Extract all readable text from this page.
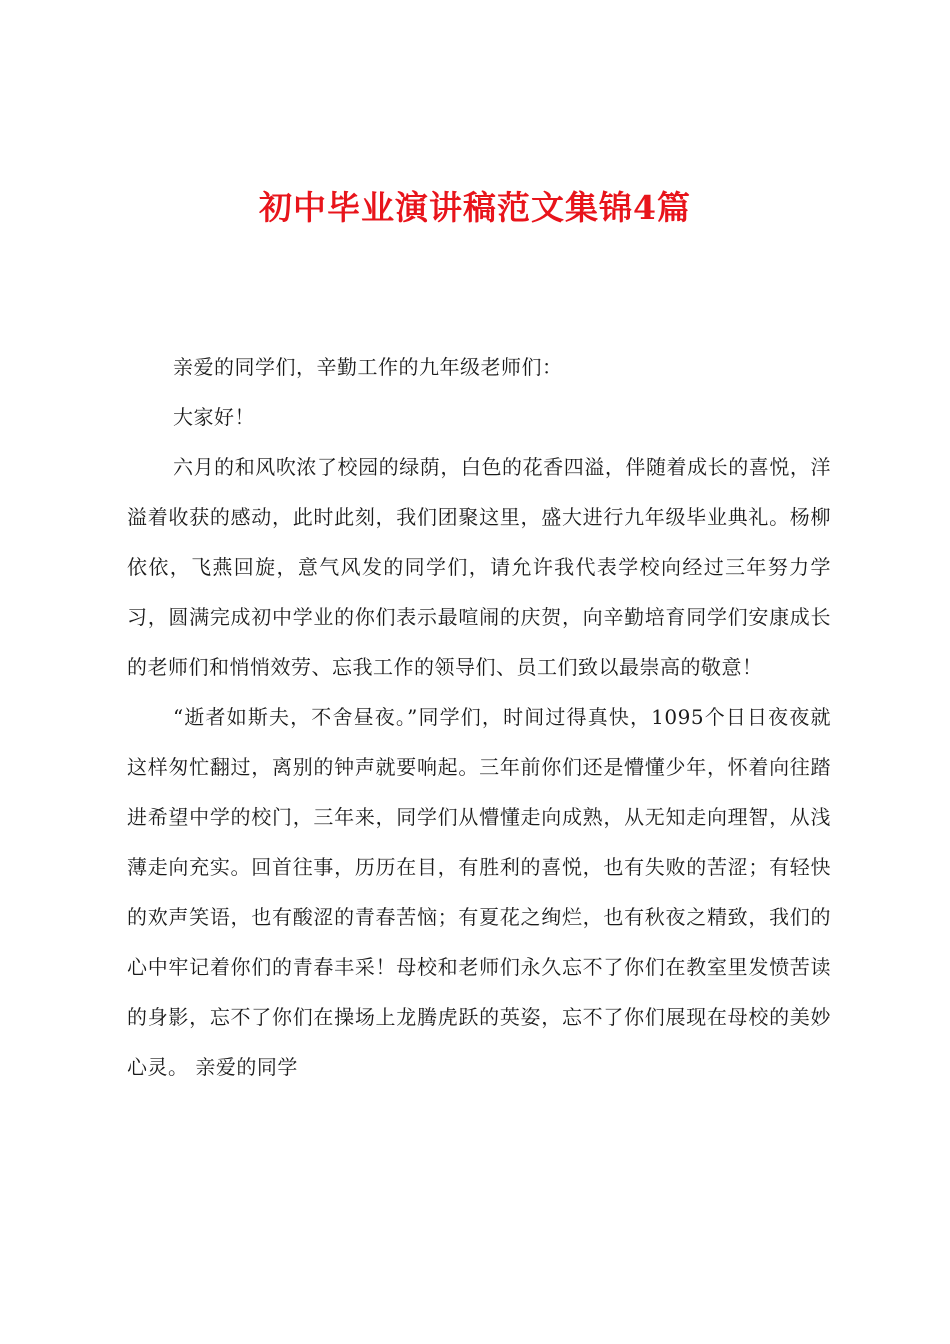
初中毕业演讲稿范文集锦4篇

亲爱的同学们，辛勤工作的九年级老师们：

大家好！

六月的和风吹浓了校园的绿荫，白色的花香四溢，伴随着成长的喜悦，洋溢着收获的感动，此时此刻，我们团聚这里，盛大进行九年级毕业典礼。杨柳依依，飞燕回旋，意气风发的同学们，请允许我代表学校向经过三年努力学习，圆满完成初中学业的你们表示最喧闹的庆贺，向辛勤培育同学们安康成长的老师们和悄悄效劳、忘我工作的领导们、员工们致以最崇高的敬意！

“逝者如斯夫，不舍昼夜。”同学们，时间过得真快，1095个日日夜夜就这样匆忙翻过，离别的钟声就要响起。三年前你们还是懵懂少年，怀着向往踏进希望中学的校门，三年来，同学们从懵懂走向成熟，从无知走向理智，从浅薄走向充实。回首往事，历历在目，有胜利的喜悦，也有失败的苦涩；有轻快的欢声笑语，也有酸涩的青春苦恼；有夏花之绚烂，也有秋夜之精致，我们的心中牢记着你们的青春丰采！母校和老师们永久忘不了你们在教室里发愤苦读的身影，忘不了你们在操场上龙腾虎跃的英姿，忘不了你们展现在母校的美妙心灵。 亲爱的同学
